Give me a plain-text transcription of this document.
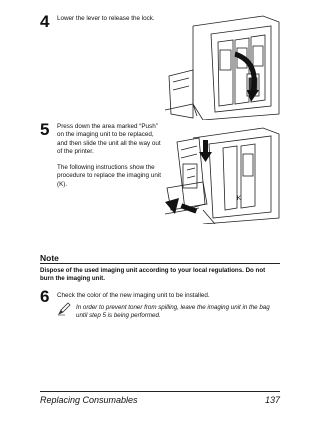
4 Lower the lever to release the lock.
5 Press down the area marked “Push” on the imaging unit to be replaced, and then slide the unit all the way out of the printer.

The following instructions show the procedure to replace the imaging unit (K).

K
Note
Dispose of the used imaging unit according to your local regulations. Do not burn the imaging unit.
6 Check the color of the new imaging unit to be installed.
In order to prevent toner from spilling, leave the imaging unit in the bag until step 5 is being performed.
Replacing Consumables	137
